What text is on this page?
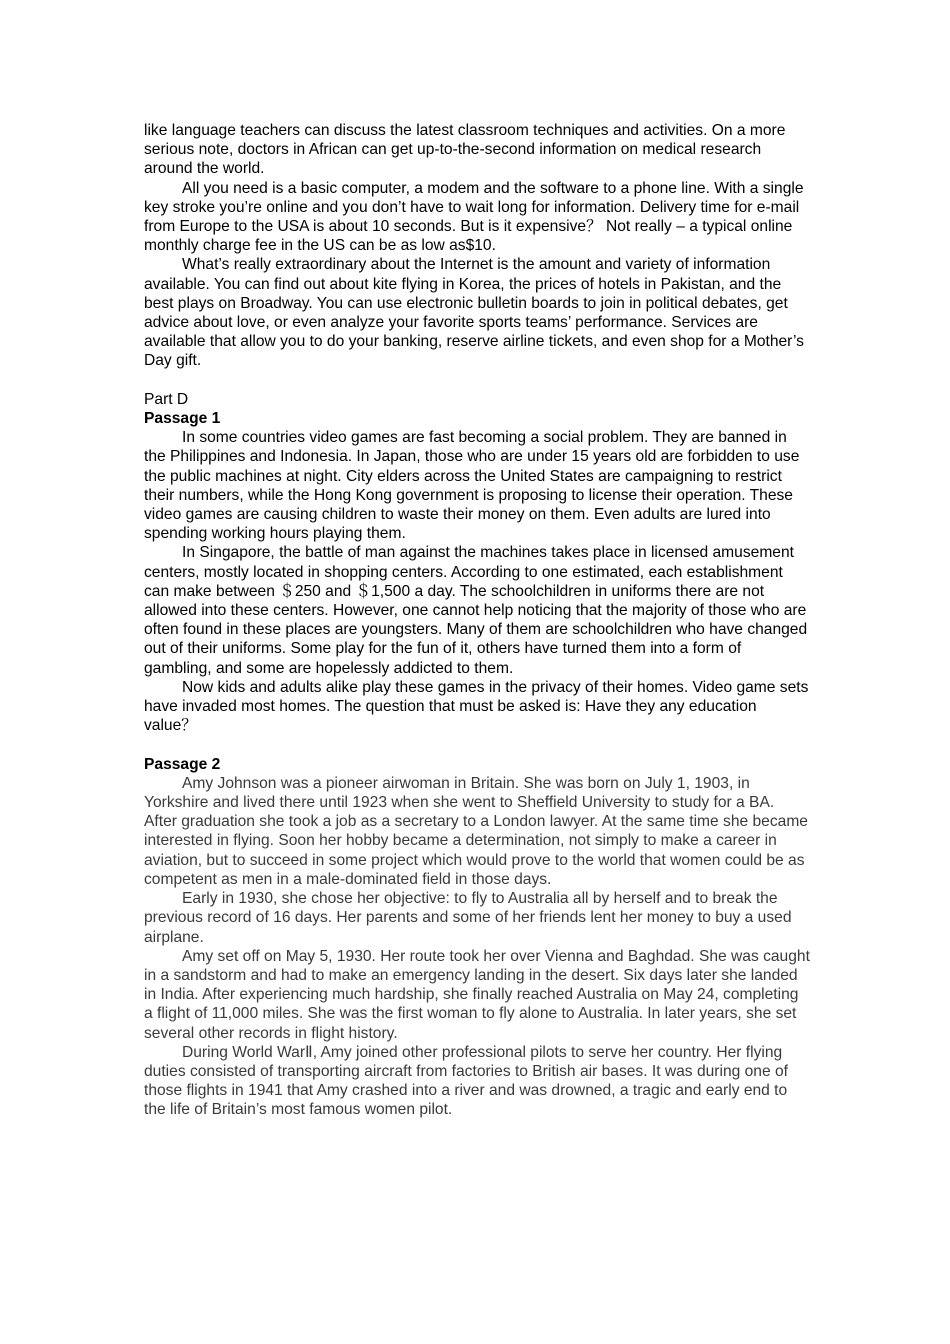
like language teachers can discuss the latest classroom techniques and activities. On a more serious note, doctors in African can get up-to-the-second information on medical research around the world.

All you need is a basic computer, a modem and the software to a phone line. With a single key stroke you’re online and you don’t have to wait long for information. Delivery time for e-mail from Europe to the USA is about 10 seconds. But is it expensive？ Not really – a typical online monthly charge fee in the US can be as low as$10.

What’s really extraordinary about the Internet is the amount and variety of information available. You can find out about kite flying in Korea, the prices of hotels in Pakistan, and the best plays on Broadway. You can use electronic bulletin boards to join in political debates, get advice about love, or even analyze your favorite sports teams’ performance. Services are available that allow you to do your banking, reserve airline tickets, and even shop for a Mother’s Day gift.

Part D

Passage 1

In some countries video games are fast becoming a social problem. They are banned in the Philippines and Indonesia. In Japan, those who are under 15 years old are forbidden to use the public machines at night. City elders across the United States are campaigning to restrict their numbers, while the Hong Kong government is proposing to license their operation. These video games are causing children to waste their money on them. Even adults are lured into spending working hours playing them.

In Singapore, the battle of man against the machines takes place in licensed amusement centers, mostly located in shopping centers. According to one estimated, each establishment can make between ＄250 and ＄1,500 a day. The schoolchildren in uniforms there are not allowed into these centers. However, one cannot help noticing that the majority of those who are often found in these places are youngsters. Many of them are schoolchildren who have changed out of their uniforms. Some play for the fun of it, others have turned them into a form of gambling, and some are hopelessly addicted to them.

Now kids and adults alike play these games in the privacy of their homes. Video game sets have invaded most homes. The question that must be asked is: Have they any education value？

Passage 2

Amy Johnson was a pioneer airwoman in Britain. She was born on July 1, 1903, in Yorkshire and lived there until 1923 when she went to Sheffield University to study for a BA. After graduation she took a job as a secretary to a London lawyer. At the same time she became interested in flying. Soon her hobby became a determination, not simply to make a career in aviation, but to succeed in some project which would prove to the world that women could be as competent as men in a male-dominated field in those days.

Early in 1930, she chose her objective: to fly to Australia all by herself and to break the previous record of 16 days. Her parents and some of her friends lent her money to buy a used airplane.

Amy set off on May 5, 1930. Her route took her over Vienna and Baghdad. She was caught in a sandstorm and had to make an emergency landing in the desert. Six days later she landed in India. After experiencing much hardship, she finally reached Australia on May 24, completing a flight of 11,000 miles. She was the first woman to fly alone to Australia. In later years, she set several other records in flight history.

During World WarⅡ, Amy joined other professional pilots to serve her country. Her flying duties consisted of transporting aircraft from factories to British air bases. It was during one of those flights in 1941 that Amy crashed into a river and was drowned, a tragic and early end to the life of Britain’s most famous women pilot.
